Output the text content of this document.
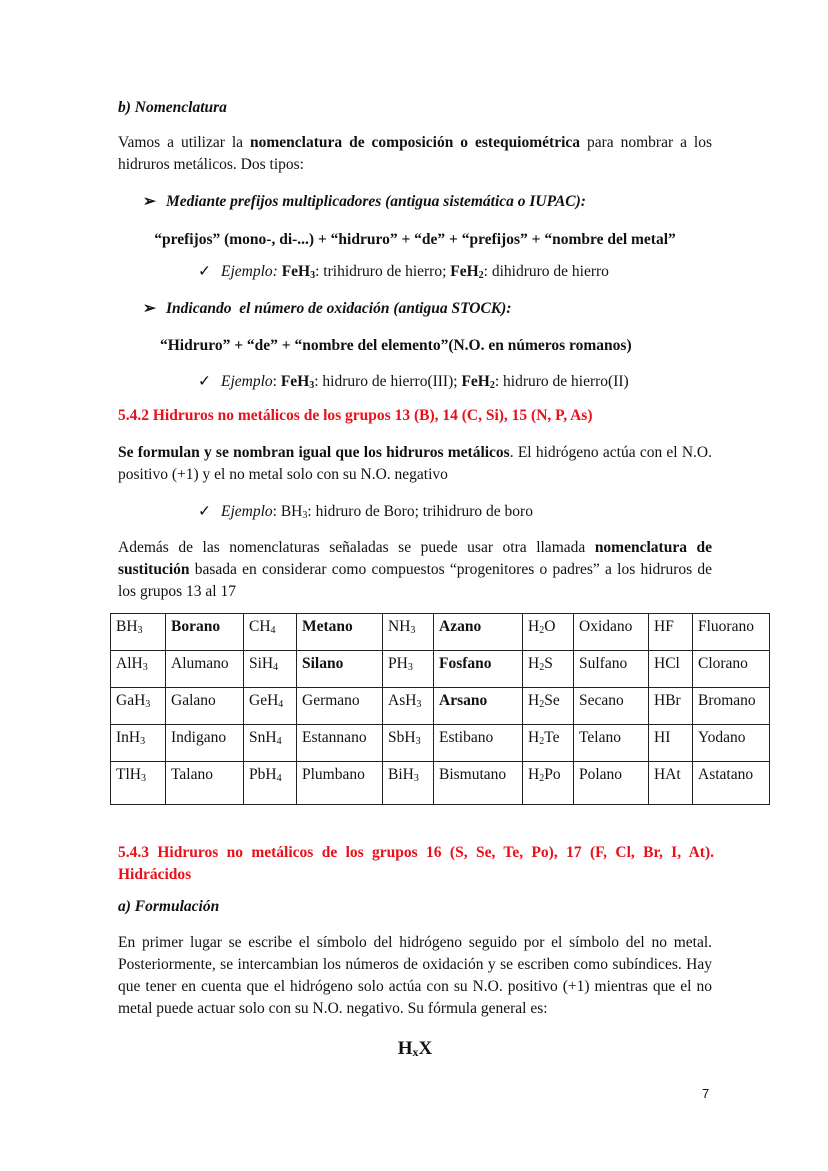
b) Nomenclatura
Vamos a utilizar la nomenclatura de composición o estequiométrica para nombrar a los hidruros metálicos. Dos tipos:
➢ Mediante prefijos multiplicadores (antigua sistemática o IUPAC):
“prefijos” (mono-, di-...) + “hidruro” + “de” + “prefijos” + “nombre del metal”
✓ Ejemplo: FeH$_3$: trihidruro de hierro; FeH$_2$: dihidruro de hierro
➢ Indicando  el número de oxidación (antigua STOCK):
“Hidruro” + “de” + “nombre del elemento”(N.O. en números romanos)
✓ Ejemplo: FeH$_3$: hidruro de hierro(III); FeH$_2$: hidruro de hierro(II)
5.4.2 Hidruros no metálicos de los grupos 13 (B), 14 (C, Si), 15 (N, P, As)
Se formulan y se nombran igual que los hidruros metálicos. El hidrógeno actúa con el N.O. positivo (+1) y el no metal solo con su N.O. negativo
✓ Ejemplo: $BH_3$: hidruro de Boro; trihidruro de boro
Además de las nomenclaturas señaladas se puede usar otra llamada nomenclatura de sustitución basada en considerar como compuestos “progenitores o padres” a los hidruros de los grupos 13 al 17
$BH_3$	Borano	$CH_4$	Metano	$NH_3$	Azano	$H_2O$	Oxidano	HF	Fluorano
AlH$_3$	Alumano	SiH$_4$	Silano	$PH_3$	Fosfano	$H_2S$	Sulfano	HCl	Clorano
GaH$_3$	Galano	GeH$_4$	Germano	AsH$_3$	Arsano	$H_2Se$	Secano	HBr	Bromano
InH$_3$	Indigano	SnH$_4$	Estannano	SbH$_3$	Estibano	$H_2Te$	Telano	HI	Yodano
TlH$_3$	Talano	PbH$_4$	Plumbano	BiH$_3$	Bismutano	$H_2Po$	Polano	HAt	Astatano
5.4.3 Hidruros no metálicos de los grupos 16 (S, Se, Te, Po), 17 (F, Cl, Br, I, At). Hidrácidos
a) Formulación
En primer lugar se escribe el símbolo del hidrógeno seguido por el símbolo del no metal. Posteriormente, se intercambian los números de oxidación y se escriben como subíndices. Hay que tener en cuenta que el hidrógeno solo actúa con su N.O. positivo (+1) mientras que el no metal puede actuar solo con su N.O. negativo. Su fórmula general es:
$H_xX$
7
